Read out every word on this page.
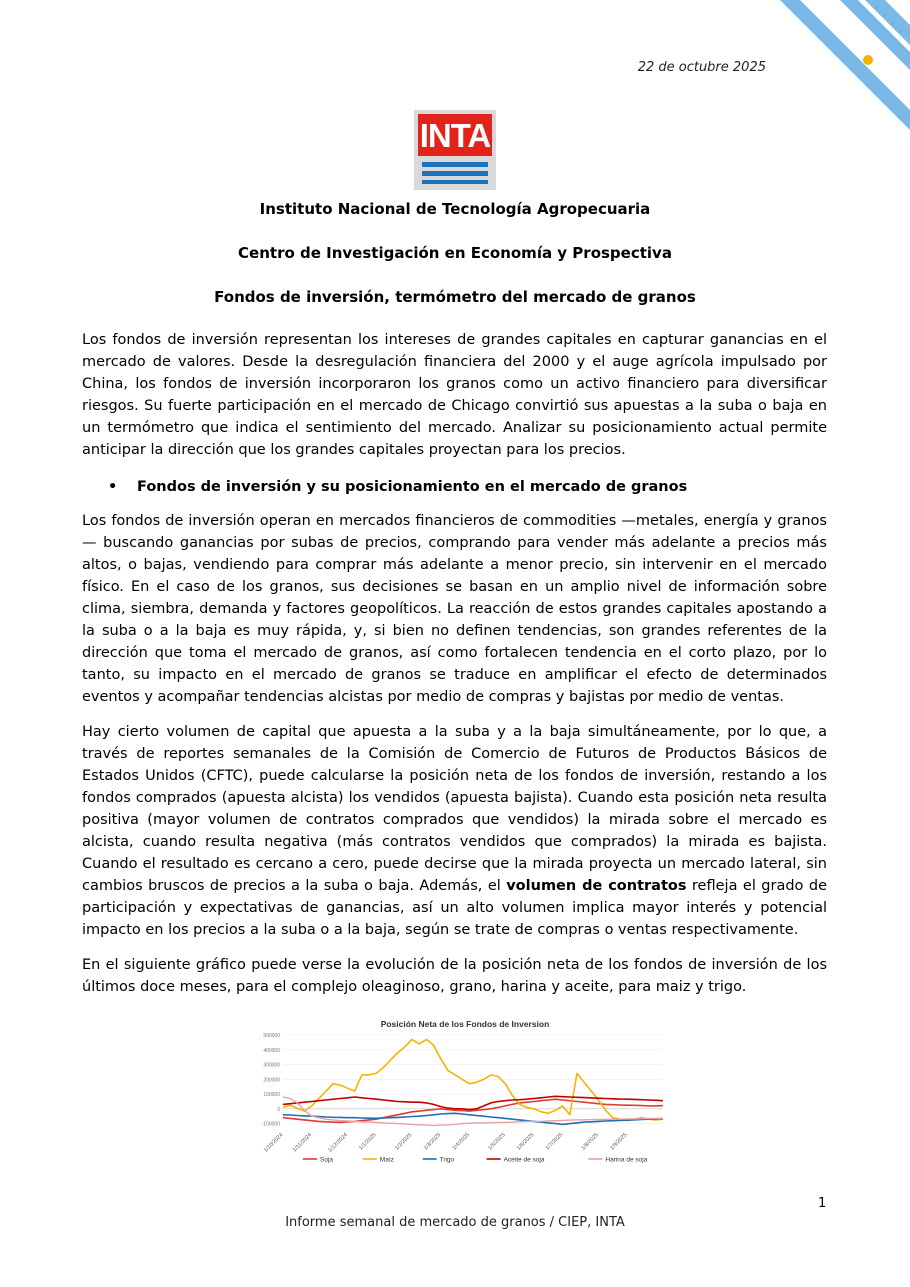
22 de octubre 2025
INTA
Instituto Nacional de Tecnología Agropecuaria
Centro de Investigación en Economía y Prospectiva
Fondos de inversión, termómetro del mercado de granos
Los fondos de inversión representan los intereses de grandes capitales en capturar ganancias en el mercado de valores. Desde la desregulación financiera del 2000 y el auge agrícola impulsado por China, los fondos de inversión incorporaron los granos como un activo financiero para diversificar riesgos. Su fuerte participación en el mercado de Chicago convirtió sus apuestas a la suba o baja en un termómetro que indica el sentimiento del mercado. Analizar su posicionamiento actual permite anticipar la dirección que los grandes capitales proyectan para los precios.
• Fondos de inversión y su posicionamiento en el mercado de granos
Los fondos de inversión operan en mercados financieros de commodities —metales, energía y granos— buscando ganancias por subas de precios, comprando para vender más adelante a precios más altos, o bajas, vendiendo para comprar más adelante a menor precio, sin intervenir en el mercado físico. En el caso de los granos, sus decisiones se basan en un amplio nivel de información sobre clima, siembra, demanda y factores geopolíticos. La reacción de estos grandes capitales apostando a la suba o a la baja es muy rápida, y, si bien no definen tendencias, son grandes referentes de la dirección que toma el mercado de granos, así como fortalecen tendencia en el corto plazo, por lo tanto, su impacto en el mercado de granos se traduce en amplificar el efecto de determinados eventos y acompañar tendencias alcistas por medio de compras y bajistas por medio de ventas.
Hay cierto volumen de capital que apuesta a la suba y a la baja simultáneamente, por lo que, a través de reportes semanales de la Comisión de Comercio de Futuros de Productos Básicos de Estados Unidos (CFTC), puede calcularse la posición neta de los fondos de inversión, restando a los fondos comprados (apuesta alcista) los vendidos (apuesta bajista). Cuando esta posición neta resulta positiva (mayor volumen de contratos comprados que vendidos) la mirada sobre el mercado es alcista, cuando resulta negativa (más contratos vendidos que comprados) la mirada es bajista. Cuando el resultado es cercano a cero, puede decirse que la mirada proyecta un mercado lateral, sin cambios bruscos de precios a la suba o baja. Además, el volumen de contratos refleja el grado de participación y expectativas de ganancias, así un alto volumen implica mayor interés y potencial impacto en los precios a la suba o a la baja, según se trate de compras o ventas respectivamente.
En el siguiente gráfico puede verse la evolución de la posición neta de los fondos de inversión de los últimos doce meses, para el complejo oleaginoso, grano, harina y aceite, para maiz y trigo.
Posición Neta de los Fondos de Inversion
500000
400000
300000
200000
100000
0
-100000
1/10/2024 1/11/2024	1/12/2024 1/1/2025	1/2/2025 1/3/2025 1/4/2025	1/5/2025 1/6/2025 1/7/2025	1/8/2025 1/9/2025
Soja	Maíz	Trigo	Aceite de soja	Harina de soja
1
Informe semanal de mercado de granos / CIEP, INTA
